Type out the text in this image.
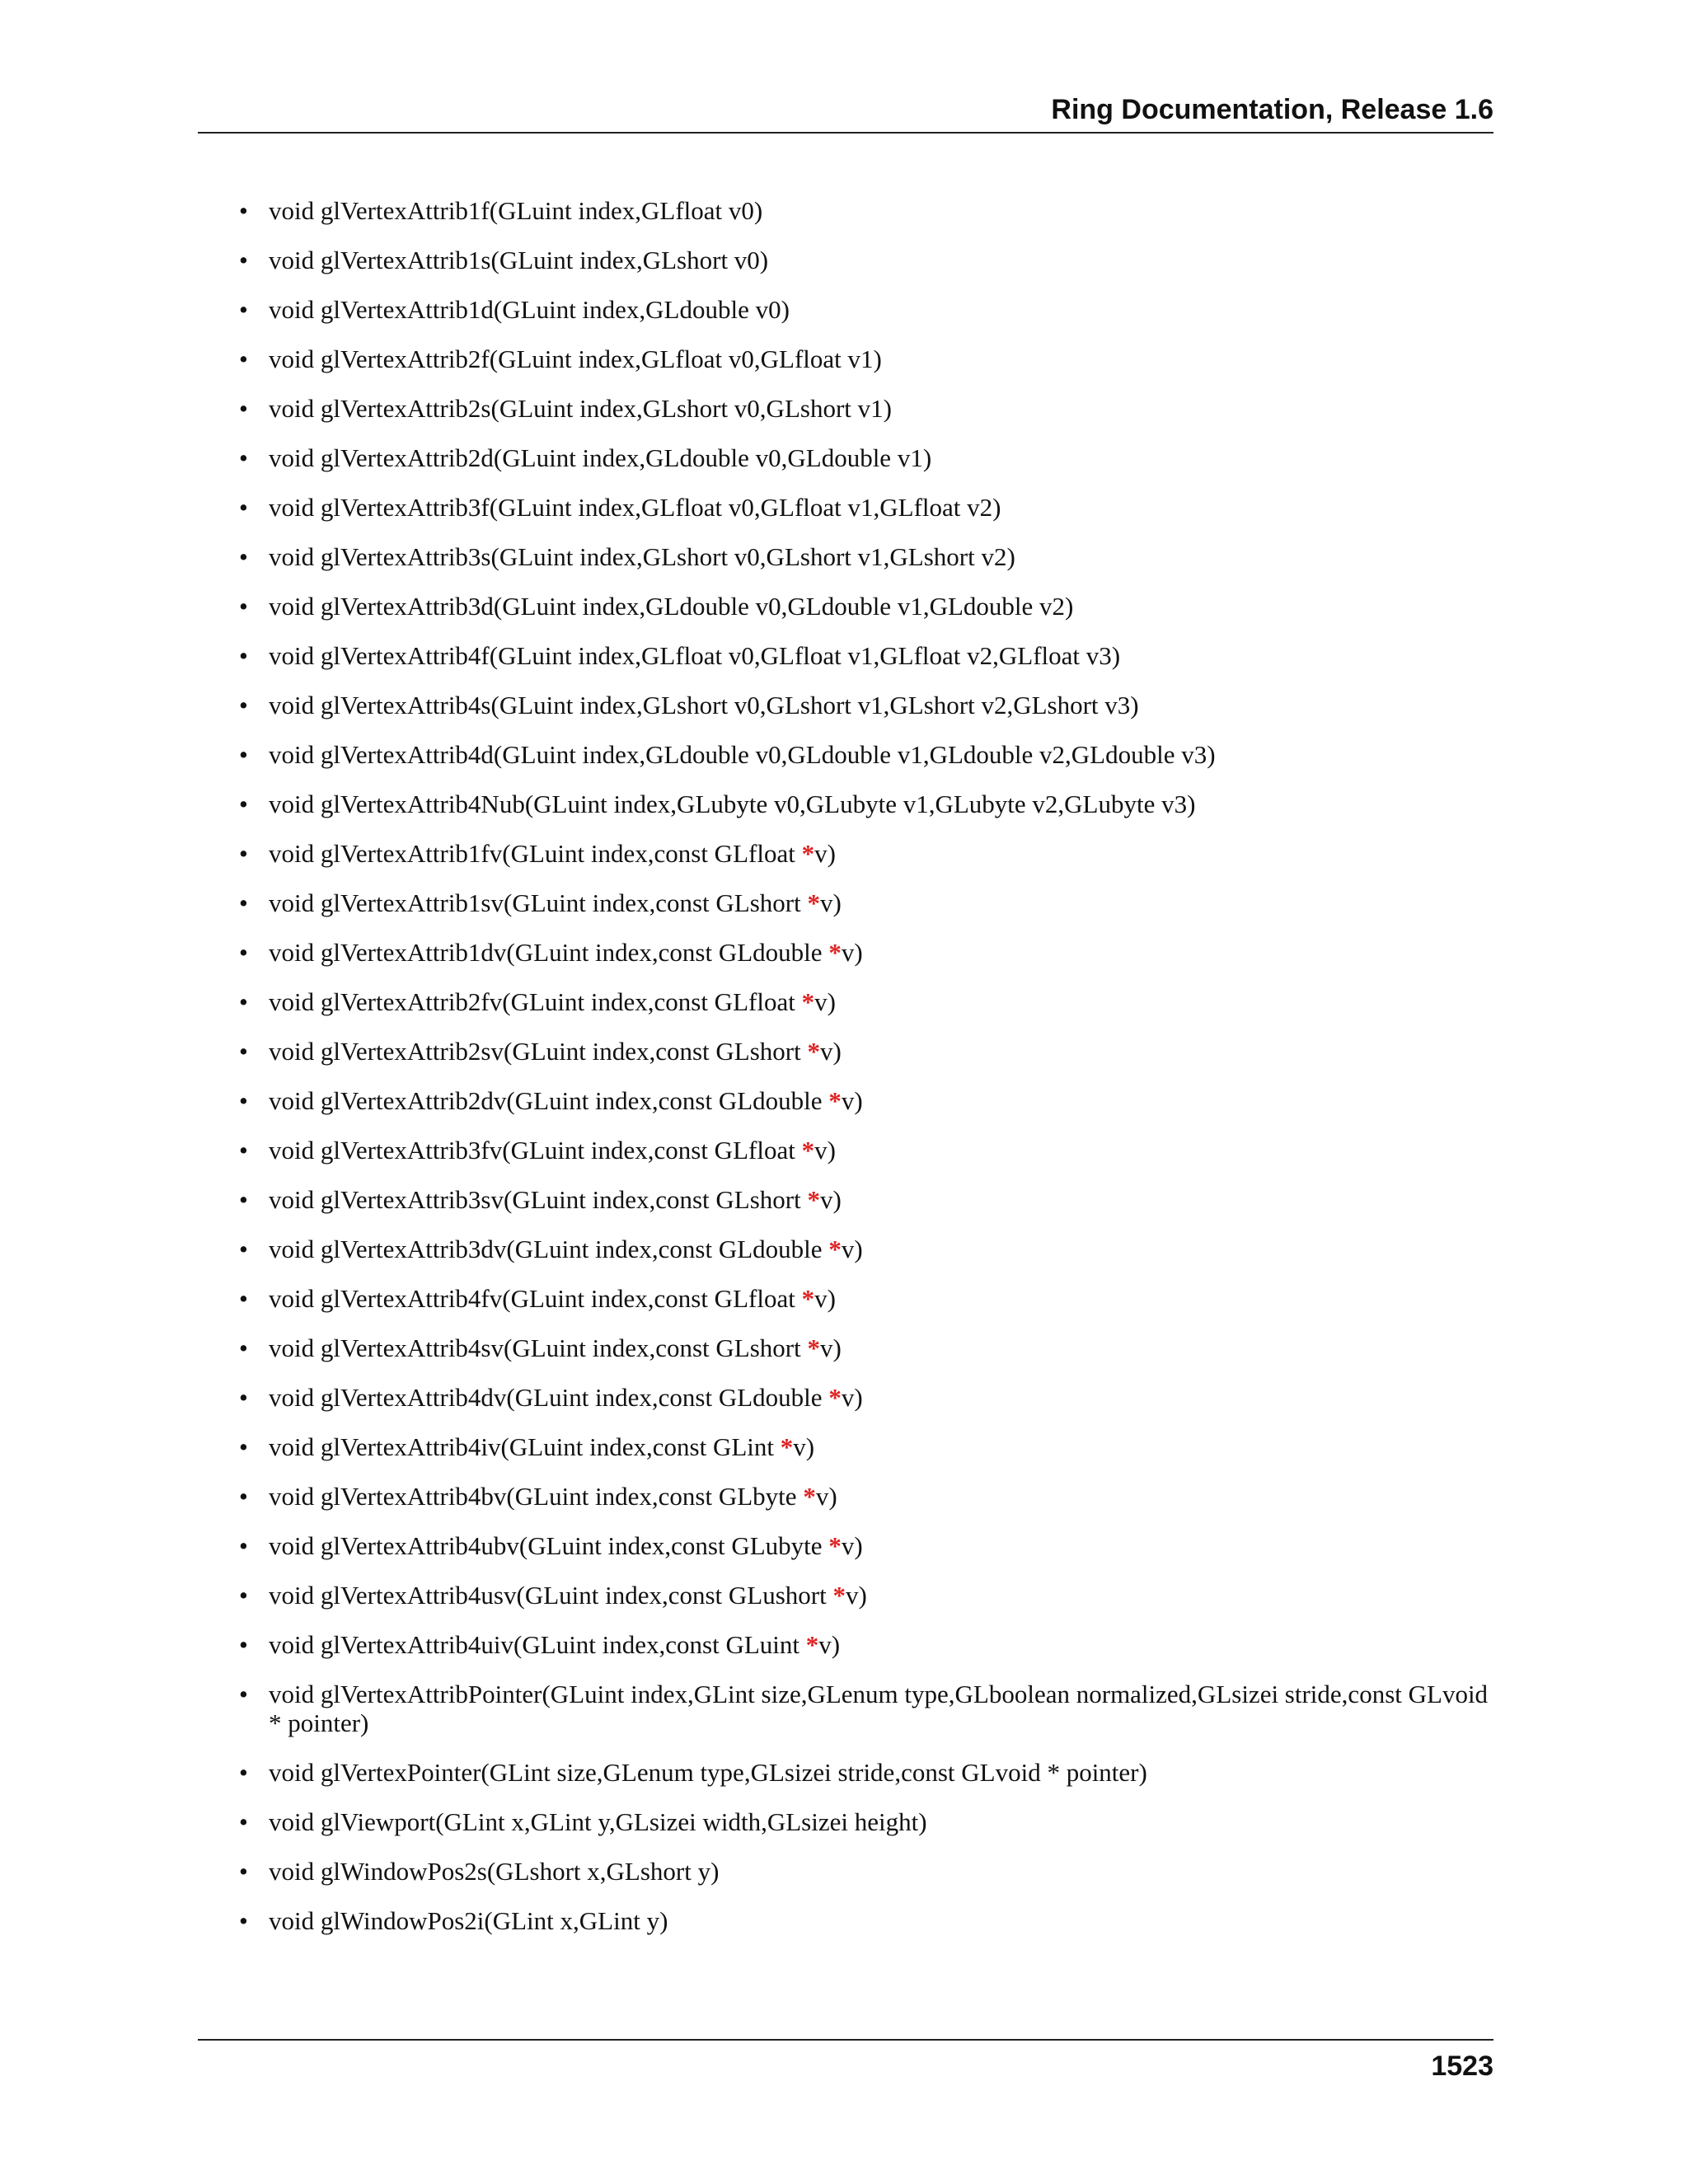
Ring Documentation, Release 1.6
• void glVertexAttrib1f(GLuint index,GLfloat v0)
• void glVertexAttrib1s(GLuint index,GLshort v0)
• void glVertexAttrib1d(GLuint index,GLdouble v0)
• void glVertexAttrib2f(GLuint index,GLfloat v0,GLfloat v1)
• void glVertexAttrib2s(GLuint index,GLshort v0,GLshort v1)
• void glVertexAttrib2d(GLuint index,GLdouble v0,GLdouble v1)
• void glVertexAttrib3f(GLuint index,GLfloat v0,GLfloat v1,GLfloat v2)
• void glVertexAttrib3s(GLuint index,GLshort v0,GLshort v1,GLshort v2)
• void glVertexAttrib3d(GLuint index,GLdouble v0,GLdouble v1,GLdouble v2)
• void glVertexAttrib4f(GLuint index,GLfloat v0,GLfloat v1,GLfloat v2,GLfloat v3)
• void glVertexAttrib4s(GLuint index,GLshort v0,GLshort v1,GLshort v2,GLshort v3)
• void glVertexAttrib4d(GLuint index,GLdouble v0,GLdouble v1,GLdouble v2,GLdouble v3)
• void glVertexAttrib4Nub(GLuint index,GLubyte v0,GLubyte v1,GLubyte v2,GLubyte v3)
• void glVertexAttrib1fv(GLuint index,const GLfloat *v)
• void glVertexAttrib1sv(GLuint index,const GLshort *v)
• void glVertexAttrib1dv(GLuint index,const GLdouble *v)
• void glVertexAttrib2fv(GLuint index,const GLfloat *v)
• void glVertexAttrib2sv(GLuint index,const GLshort *v)
• void glVertexAttrib2dv(GLuint index,const GLdouble *v)
• void glVertexAttrib3fv(GLuint index,const GLfloat *v)
• void glVertexAttrib3sv(GLuint index,const GLshort *v)
• void glVertexAttrib3dv(GLuint index,const GLdouble *v)
• void glVertexAttrib4fv(GLuint index,const GLfloat *v)
• void glVertexAttrib4sv(GLuint index,const GLshort *v)
• void glVertexAttrib4dv(GLuint index,const GLdouble *v)
• void glVertexAttrib4iv(GLuint index,const GLint *v)
• void glVertexAttrib4bv(GLuint index,const GLbyte *v)
• void glVertexAttrib4ubv(GLuint index,const GLubyte *v)
• void glVertexAttrib4usv(GLuint index,const GLushort *v)
• void glVertexAttrib4uiv(GLuint index,const GLuint *v)
• void glVertexAttribPointer(GLuint index,GLint size,GLenum type,GLboolean normalized,GLsizei stride,const GLvoid * pointer)
• void glVertexPointer(GLint size,GLenum type,GLsizei stride,const GLvoid * pointer)
• void glViewport(GLint x,GLint y,GLsizei width,GLsizei height)
• void glWindowPos2s(GLshort x,GLshort y)
• void glWindowPos2i(GLint x,GLint y)
1523
